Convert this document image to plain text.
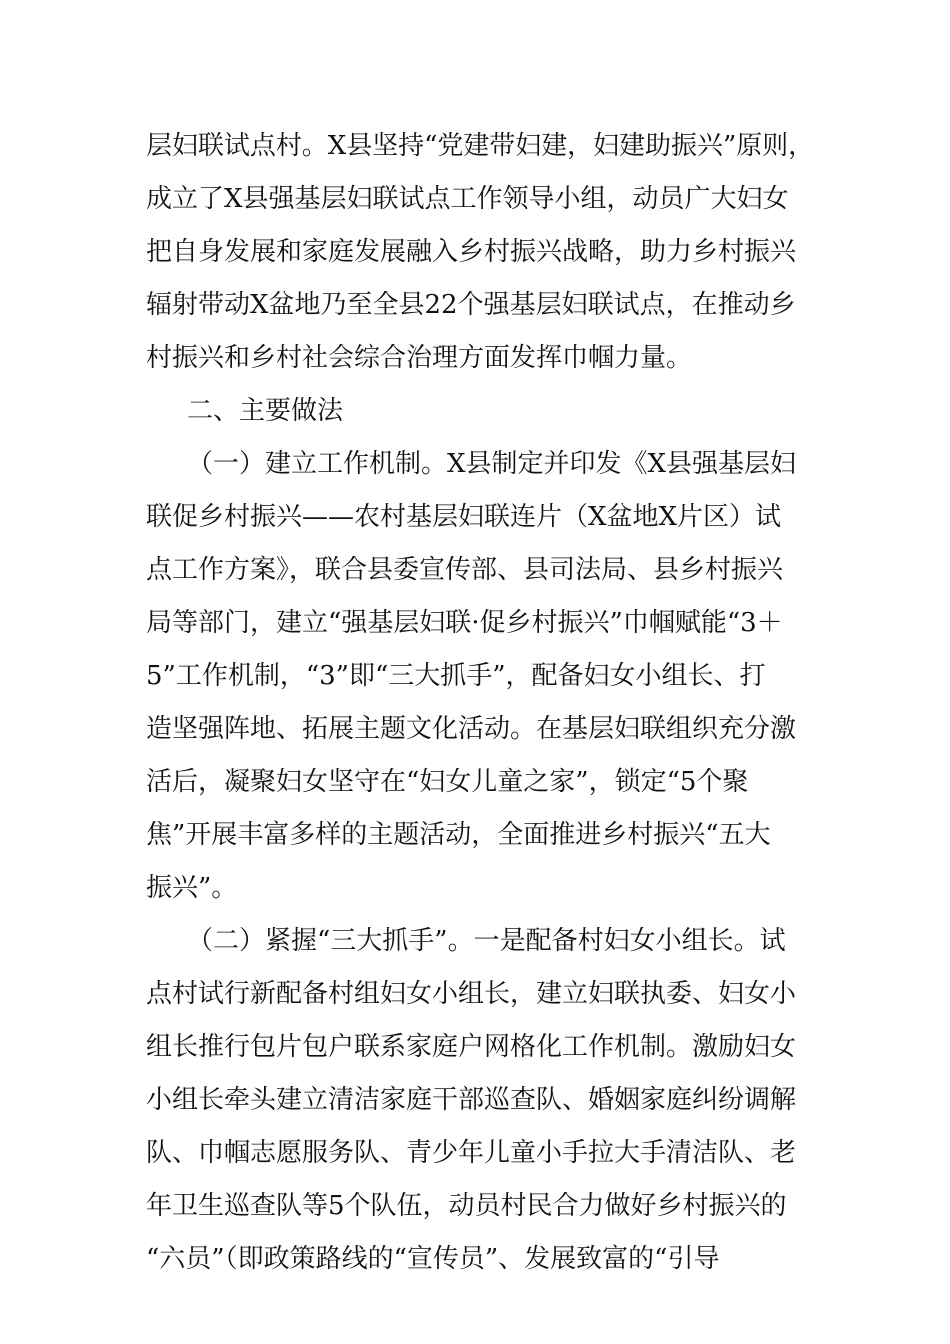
层妇联试点村。X县坚持“党建带妇建，妇建助振兴”原则，
成立了X县强基层妇联试点工作领导小组，动员广大妇女
把自身发展和家庭发展融入乡村振兴战略，助力乡村振兴
辐射带动X盆地乃至全县22个强基层妇联试点，在推动乡
村振兴和乡村社会综合治理方面发挥巾帼力量。
二、主要做法
（一）建立工作机制。X县制定并印发《X县强基层妇
联促乡村振兴——农村基层妇联连片（X盆地X片区）试
点工作方案》，联合县委宣传部、县司法局、县乡村振兴
局等部门，建立“强基层妇联·促乡村振兴”巾帼赋能“3＋
5”工作机制，“3”即“三大抓手”，配备妇女小组长、打
造坚强阵地、拓展主题文化活动。在基层妇联组织充分激
活后，凝聚妇女坚守在“妇女儿童之家”，锁定“5个聚
焦”开展丰富多样的主题活动，全面推进乡村振兴“五大
振兴”。
（二）紧握“三大抓手”。一是配备村妇女小组长。试
点村试行新配备村组妇女小组长，建立妇联执委、妇女小
组长推行包片包户联系家庭户网格化工作机制。激励妇女
小组长牵头建立清洁家庭干部巡查队、婚姻家庭纠纷调解
队、巾帼志愿服务队、青少年儿童小手拉大手清洁队、老
年卫生巡查队等5个队伍，动员村民合力做好乡村振兴的
“六员”（即政策路线的“宣传员”、发展致富的“引导
